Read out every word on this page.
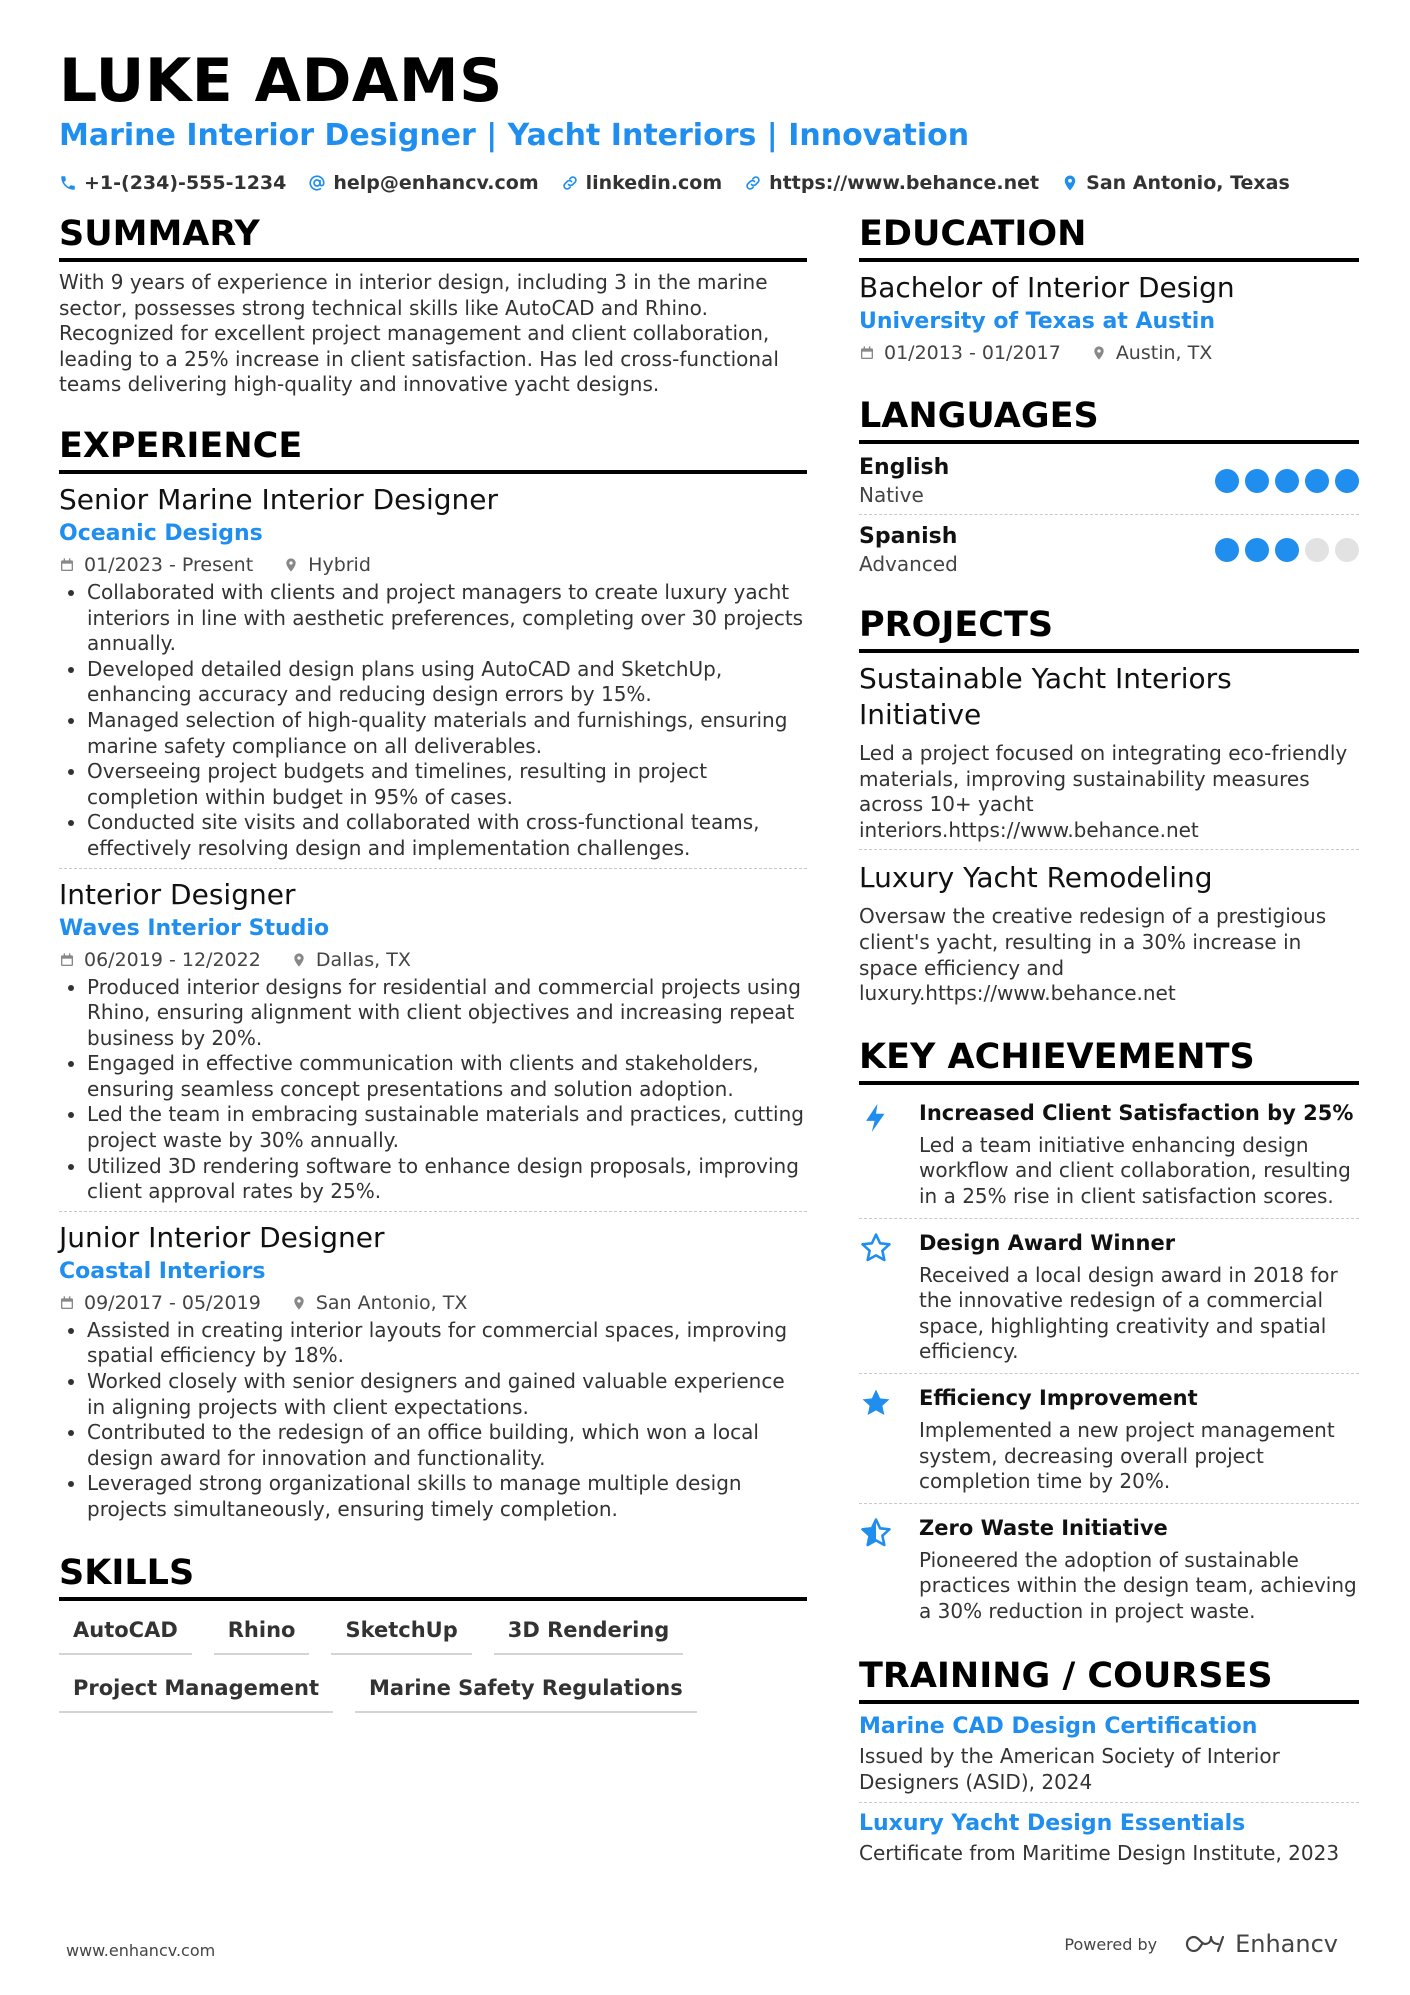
LUKE ADAMS
Marine Interior Designer | Yacht Interiors | Innovation
+1-(234)-555-1234 help@enhancv.com linkedin.com https://www.behance.net San Antonio, Texas
SUMMARY
With 9 years of experience in interior design, including 3 in the marine sector, possesses strong technical skills like AutoCAD and Rhino. Recognized for excellent project management and client collaboration, leading to a 25% increase in client satisfaction. Has led cross-functional teams delivering high-quality and innovative yacht designs.
EXPERIENCE
Senior Marine Interior Designer
Oceanic Designs
01/2023 - Present	Hybrid
• Collaborated with clients and project managers to create luxury yacht interiors in line with aesthetic preferences, completing over 30 projects annually.
• Developed detailed design plans using AutoCAD and SketchUp, enhancing accuracy and reducing design errors by 15%.
• Managed selection of high-quality materials and furnishings, ensuring marine safety compliance on all deliverables.
• Overseeing project budgets and timelines, resulting in project completion within budget in 95% of cases.
• Conducted site visits and collaborated with cross-functional teams, effectively resolving design and implementation challenges.
Interior Designer
Waves Interior Studio
06/2019 - 12/2022	Dallas, TX
• Produced interior designs for residential and commercial projects using Rhino, ensuring alignment with client objectives and increasing repeat business by 20%.
• Engaged in effective communication with clients and stakeholders, ensuring seamless concept presentations and solution adoption.
• Led the team in embracing sustainable materials and practices, cutting project waste by 30% annually.
• Utilized 3D rendering software to enhance design proposals, improving client approval rates by 25%.
Junior Interior Designer
Coastal Interiors
09/2017 - 05/2019	San Antonio, TX
• Assisted in creating interior layouts for commercial spaces, improving spatial efficiency by 18%.
• Worked closely with senior designers and gained valuable experience in aligning projects with client expectations.
• Contributed to the redesign of an office building, which won a local design award for innovation and functionality.
• Leveraged strong organizational skills to manage multiple design projects simultaneously, ensuring timely completion.
SKILLS
AutoCAD	Rhino	SketchUp	3D Rendering
Project Management	Marine Safety Regulations
EDUCATION
Bachelor of Interior Design
University of Texas at Austin
01/2013 - 01/2017	Austin, TX
LANGUAGES
English
Native
Spanish
Advanced
PROJECTS
Sustainable Yacht Interiors Initiative
Led a project focused on integrating eco-friendly materials, improving sustainability measures across 10+ yacht interiors.https://www.behance.net
Luxury Yacht Remodeling
Oversaw the creative redesign of a prestigious client's yacht, resulting in a 30% increase in space efficiency and luxury.https://www.behance.net
KEY ACHIEVEMENTS
Increased Client Satisfaction by 25%
Led a team initiative enhancing design workflow and client collaboration, resulting in a 25% rise in client satisfaction scores.
Design Award Winner
Received a local design award in 2018 for the innovative redesign of a commercial space, highlighting creativity and spatial efficiency.
Efficiency Improvement
Implemented a new project management system, decreasing overall project completion time by 20%.
Zero Waste Initiative
Pioneered the adoption of sustainable practices within the design team, achieving a 30% reduction in project waste.
TRAINING / COURSES
Marine CAD Design Certification
Issued by the American Society of Interior Designers (ASID), 2024
Luxury Yacht Design Essentials
Certificate from Maritime Design Institute, 2023
www.enhancv.com	Powered by	Enhancv
